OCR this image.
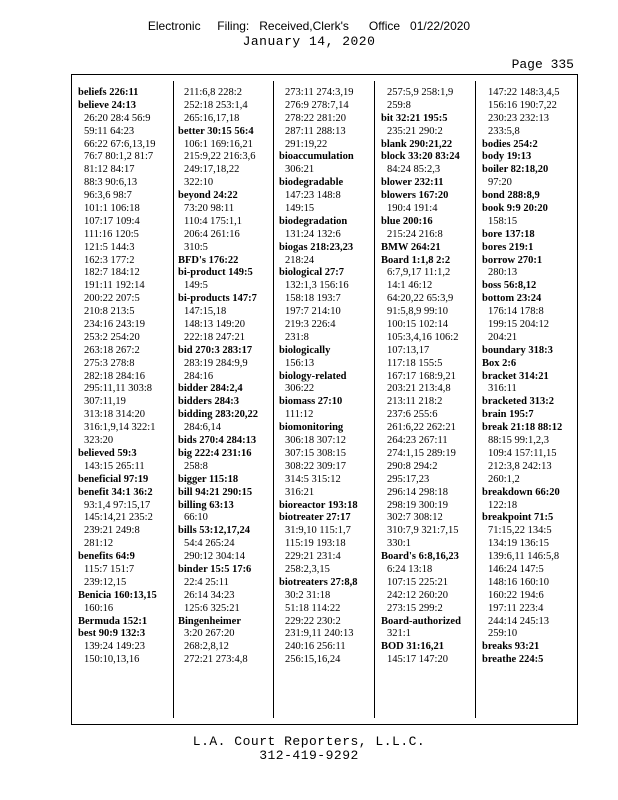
Electronic     Filing:   Received,Clerk's      Office   01/22/2020
January 14, 2020
Page 335
beliefs 226:11
believe 24:13
26:20 28:4 56:9
59:11 64:23
66:22 67:6,13,19
76:7 80:1,2 81:7
81:12 84:17
88:3 90:6,13
96:3,6 98:7
101:1 106:18
107:17 109:4
111:16 120:5
121:5 144:3
162:3 177:2
182:7 184:12
191:11 192:14
200:22 207:5
210:8 213:5
234:16 243:19
253:2 254:20
263:18 267:2
275:3 278:8
282:18 284:16
295:11,11 303:8
307:11,19
313:18 314:20
316:1,9,14 322:1
323:20
believed 59:3
143:15 265:11
beneficial 97:19
benefit 34:1 36:2
93:1,4 97:15,17
145:14,21 235:2
239:21 249:8
281:12
benefits 64:9
115:7 151:7
239:12,15
Benicia 160:13,15
160:16
Bermuda 152:1
best 90:9 132:3
139:24 149:23
150:10,13,16
211:6,8 228:2
252:18 253:1,4
265:16,17,18
better 30:15 56:4
106:1 169:16,21
215:9,22 216:3,6
249:17,18,22
322:10
beyond 24:22
73:20 98:11
110:4 175:1,1
206:4 261:16
310:5
BFD's 176:22
bi-product 149:5
149:5
bi-products 147:7
147:15,18
148:13 149:20
222:18 247:21
bid 270:3 283:17
283:19 284:9,9
284:16
bidder 284:2,4
bidders 284:3
bidding 283:20,22
284:6,14
bids 270:4 284:13
big 222:4 231:16
258:8
bigger 115:18
bill 94:21 290:15
billing 63:13
66:10
bills 53:12,17,24
54:4 265:24
290:12 304:14
binder 15:5 17:6
22:4 25:11
26:14 34:23
125:6 325:21
Bingenheimer
3:20 267:20
268:2,8,12
272:21 273:4,8
273:11 274:3,19
276:9 278:7,14
278:22 281:20
287:11 288:13
291:19,22
bioaccumulation
306:21
biodegradable
147:23 148:8
149:15
biodegradation
131:24 132:6
biogas 218:23,23
218:24
biological 27:7
132:1,3 156:16
158:18 193:7
197:7 214:10
219:3 226:4
231:8
biologically
156:13
biology-related
306:22
biomass 27:10
111:12
biomonitoring
306:18 307:12
307:15 308:15
308:22 309:17
314:5 315:12
316:21
bioreactor 193:18
biotreater 27:17
31:9,10 115:1,7
115:19 193:18
229:21 231:4
258:2,3,15
biotreaters 27:8,8
30:2 31:18
51:18 114:22
229:22 230:2
231:9,11 240:13
240:16 256:11
256:15,16,24
257:5,9 258:1,9
259:8
bit 32:21 195:5
235:21 290:2
blank 290:21,22
block 33:20 83:24
84:24 85:2,3
blower 232:11
blowers 167:20
190:4 191:4
blue 200:16
215:24 216:8
BMW 264:21
Board 1:1,8 2:2
6:7,9,17 11:1,2
14:1 46:12
64:20,22 65:3,9
91:5,8,9 99:10
100:15 102:14
105:3,4,16 106:2
107:13,17
117:18 155:5
167:17 168:9,21
203:21 213:4,8
213:11 218:2
237:6 255:6
261:6,22 262:21
264:23 267:11
274:1,15 289:19
290:8 294:2
295:17,23
296:14 298:18
298:19 300:19
302:7 308:12
310:7,9 321:7,15
330:1
Board's 6:8,16,23
6:24 13:18
107:15 225:21
242:12 260:20
273:15 299:2
Board-authorized
321:1
BOD 31:16,21
145:17 147:20
147:22 148:3,4,5
156:16 190:7,22
230:23 232:13
233:5,8
bodies 254:2
body 19:13
boiler 82:18,20
97:20
bond 288:8,9
book 9:9 20:20
158:15
bore 137:18
bores 219:1
borrow 270:1
280:13
boss 56:8,12
bottom 23:24
176:14 178:8
199:15 204:12
204:21
boundary 318:3
Box 2:6
bracket 314:21
316:11
bracketed 313:2
brain 195:7
break 21:18 88:12
88:15 99:1,2,3
109:4 157:11,15
212:3,8 242:13
260:1,2
breakdown 66:20
122:18
breakpoint 71:5
71:15,22 134:5
134:19 136:15
139:6,11 146:5,8
146:24 147:5
148:16 160:10
160:22 194:6
197:11 223:4
244:14 245:13
259:10
breaks 93:21
breathe 224:5
L.A. Court Reporters, L.L.C.
312-419-9292
